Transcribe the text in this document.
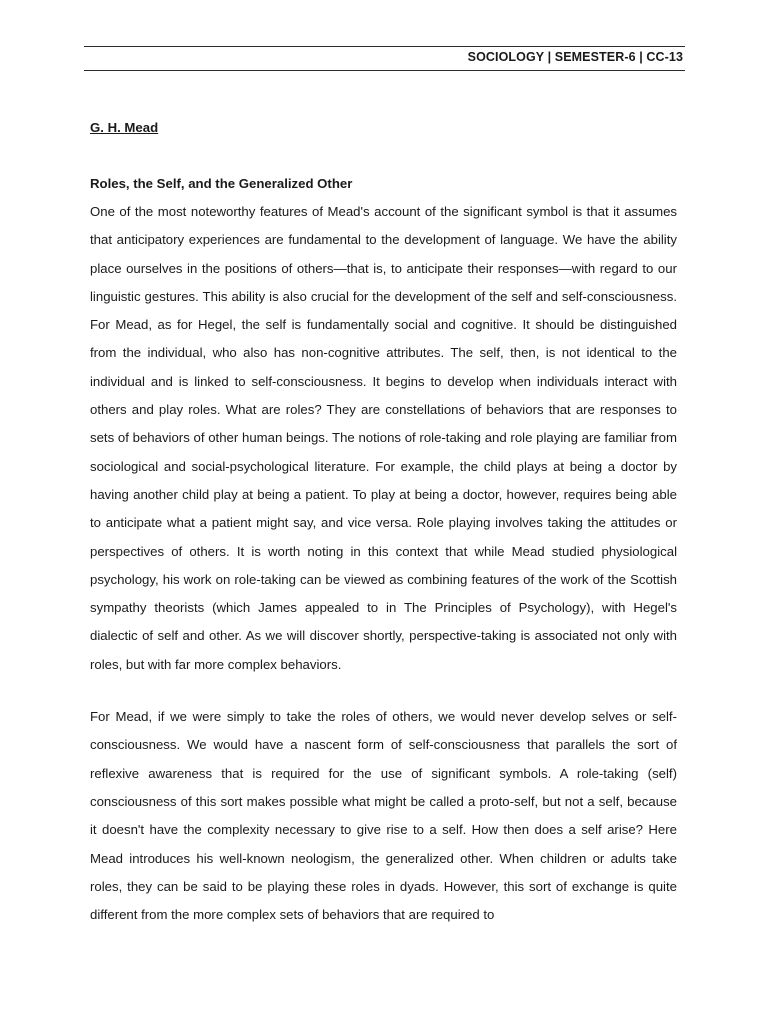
SOCIOLOGY | SEMESTER-6 | CC-13
G. H. Mead
Roles, the Self, and the Generalized Other

One of the most noteworthy features of Mead's account of the significant symbol is that it assumes that anticipatory experiences are fundamental to the development of language. We have the ability place ourselves in the positions of others—that is, to anticipate their responses—with regard to our linguistic gestures. This ability is also crucial for the development of the self and self-consciousness. For Mead, as for Hegel, the self is fundamentally social and cognitive. It should be distinguished from the individual, who also has non-cognitive attributes. The self, then, is not identical to the individual and is linked to self-consciousness. It begins to develop when individuals interact with others and play roles. What are roles? They are constellations of behaviors that are responses to sets of behaviors of other human beings. The notions of role-taking and role playing are familiar from sociological and social-psychological literature. For example, the child plays at being a doctor by having another child play at being a patient. To play at being a doctor, however, requires being able to anticipate what a patient might say, and vice versa. Role playing involves taking the attitudes or perspectives of others. It is worth noting in this context that while Mead studied physiological psychology, his work on role-taking can be viewed as combining features of the work of the Scottish sympathy theorists (which James appealed to in The Principles of Psychology), with Hegel's dialectic of self and other. As we will discover shortly, perspective-taking is associated not only with roles, but with far more complex behaviors.

For Mead, if we were simply to take the roles of others, we would never develop selves or self-consciousness. We would have a nascent form of self-consciousness that parallels the sort of reflexive awareness that is required for the use of significant symbols. A role-taking (self) consciousness of this sort makes possible what might be called a proto-self, but not a self, because it doesn't have the complexity necessary to give rise to a self. How then does a self arise? Here Mead introduces his well-known neologism, the generalized other. When children or adults take roles, they can be said to be playing these roles in dyads. However, this sort of exchange is quite different from the more complex sets of behaviors that are required to
